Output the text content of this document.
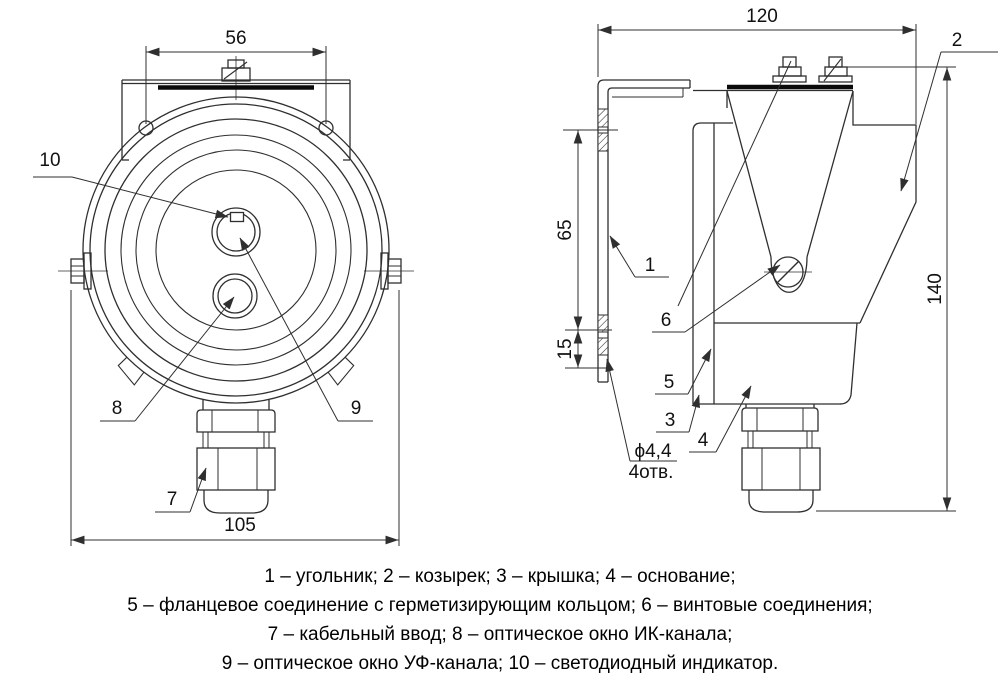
56
105
10
8	9
7
120
140
65
15
ϕ4,4
4отв.
1
2
3
4
5
6

1 – угольник; 2 – козырек; 3 – крышка; 4 – основание;

5 – фланцевое соединение с герметизирующим кольцом; 6 – винтовые соединения;

7 – кабельный ввод; 8 – оптическое окно ИК-канала;

9 – оптическое окно УФ-канала; 10 – светодиодный индикатор.
